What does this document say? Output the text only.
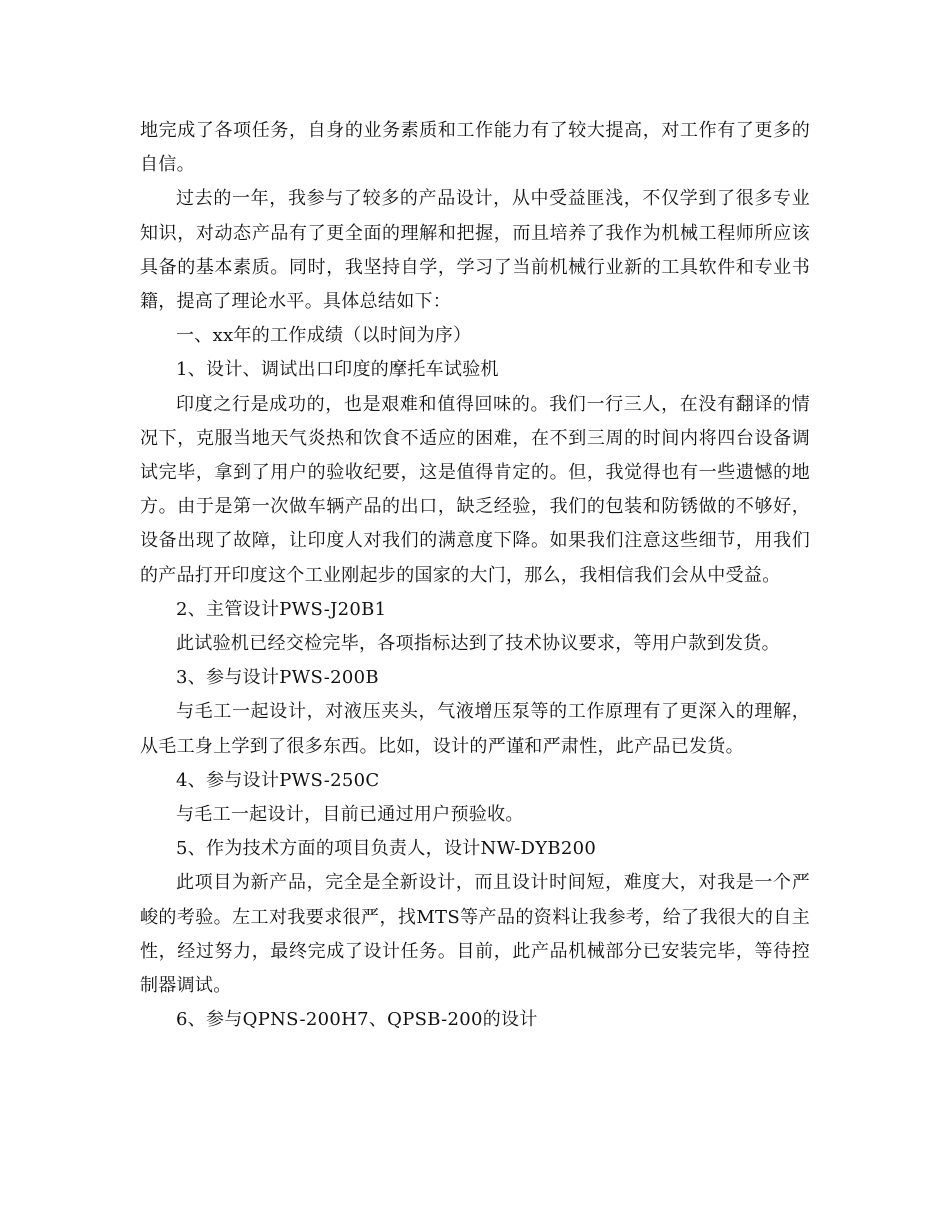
地完成了各项任务，自身的业务素质和工作能力有了较大提高，对工作有了更多的自信。

过去的一年，我参与了较多的产品设计，从中受益匪浅，不仅学到了很多专业知识，对动态产品有了更全面的理解和把握，而且培养了我作为机械工程师所应该具备的基本素质。同时，我坚持自学，学习了当前机械行业新的工具软件和专业书籍，提高了理论水平。具体总结如下：

一、xx年的工作成绩（以时间为序）

1、设计、调试出口印度的摩托车试验机

印度之行是成功的，也是艰难和值得回味的。我们一行三人，在没有翻译的情况下，克服当地天气炎热和饮食不适应的困难，在不到三周的时间内将四台设备调试完毕，拿到了用户的验收纪要，这是值得肯定的。但，我觉得也有一些遗憾的地方。由于是第一次做车辆产品的出口，缺乏经验，我们的包装和防锈做的不够好，设备出现了故障，让印度人对我们的满意度下降。如果我们注意这些细节，用我们的产品打开印度这个工业刚起步的国家的大门，那么，我相信我们会从中受益。

2、主管设计PWS-J20B1

此试验机已经交检完毕，各项指标达到了技术协议要求，等用户款到发货。

3、参与设计PWS-200B

与毛工一起设计，对液压夹头，气液增压泵等的工作原理有了更深入的理解，从毛工身上学到了很多东西。比如，设计的严谨和严肃性，此产品已发货。

4、参与设计PWS-250C

与毛工一起设计，目前已通过用户预验收。

5、作为技术方面的项目负责人，设计NW-DYB200

此项目为新产品，完全是全新设计，而且设计时间短，难度大，对我是一个严峻的考验。左工对我要求很严，找MTS等产品的资料让我参考，给了我很大的自主性，经过努力，最终完成了设计任务。目前，此产品机械部分已安装完毕，等待控制器调试。

6、参与QPNS-200H7、QPSB-200的设计
